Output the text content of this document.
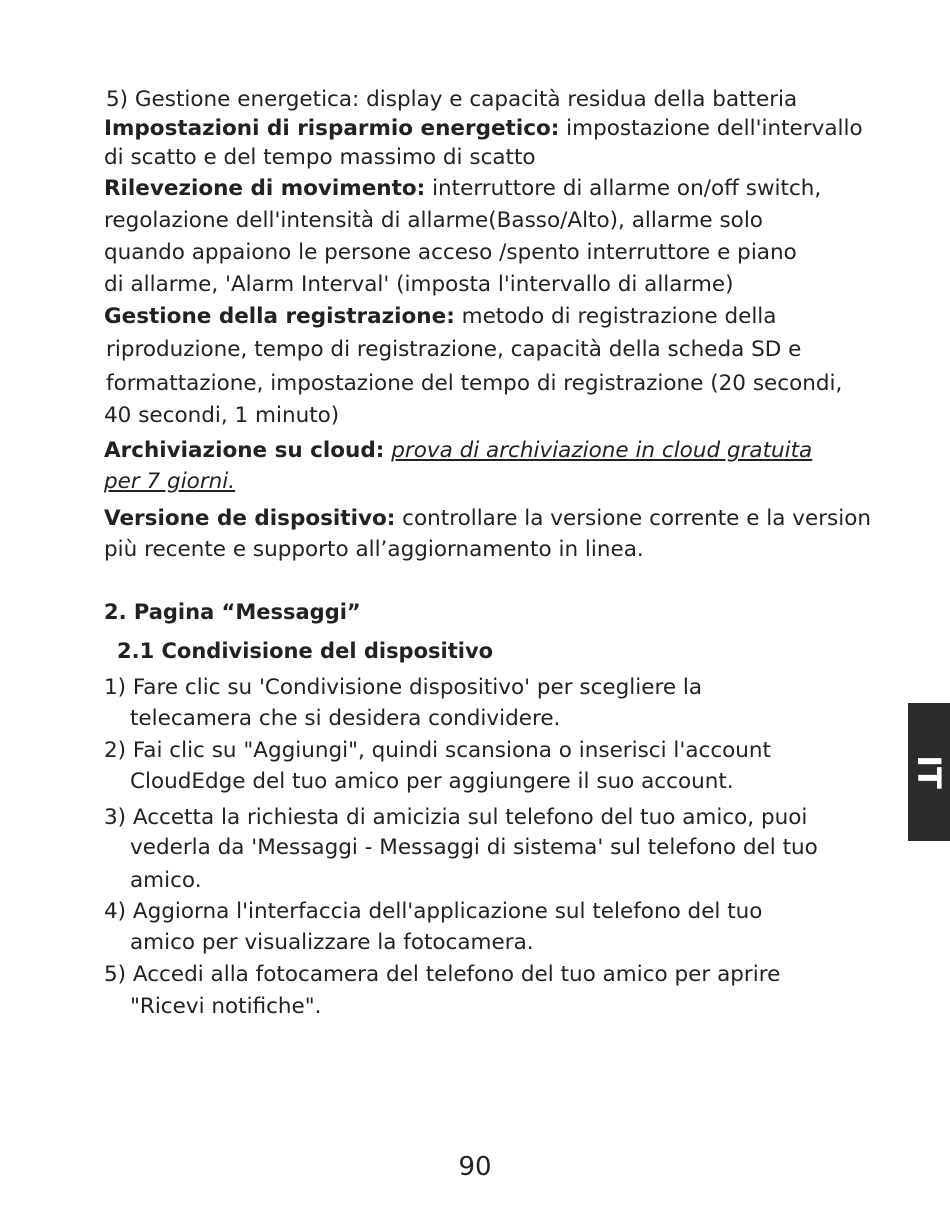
5) Gestione energetica: display e capacità residua della batteria
Impostazioni di risparmio energetico: impostazione dell'intervallo
di scatto e del tempo massimo di scatto
Rilevezione di movimento: interruttore di allarme on/off switch,
regolazione dell'intensità di allarme(Basso/Alto), allarme solo
quando appaiono le persone acceso /spento interruttore e piano
di allarme, 'Alarm Interval' (imposta l'intervallo di allarme)
Gestione della registrazione: metodo di registrazione della
riproduzione, tempo di registrazione, capacità della scheda SD e
formattazione, impostazione del tempo di registrazione (20 secondi,
40 secondi, 1 minuto)
Archiviazione su cloud: prova di archiviazione in cloud gratuita
per 7 giorni.
Versione de dispositivo: controllare la versione corrente e la version
più recente e supporto all’aggiornamento in linea.
2. Pagina “Messaggi”
2.1 Condivisione del dispositivo
1) Fare clic su 'Condivisione dispositivo' per scegliere la
telecamera che si desidera condividere.
2) Fai clic su "Aggiungi", quindi scansiona o inserisci l'account
CloudEdge del tuo amico per aggiungere il suo account.
3) Accetta la richiesta di amicizia sul telefono del tuo amico, puoi
vederla da 'Messaggi - Messaggi di sistema' sul telefono del tuo
amico.
4) Aggiorna l'interfaccia dell'applicazione sul telefono del tuo
amico per visualizzare la fotocamera.
5) Accedi alla fotocamera del telefono del tuo amico per aprire
"Ricevi notifiche".
IT
90
